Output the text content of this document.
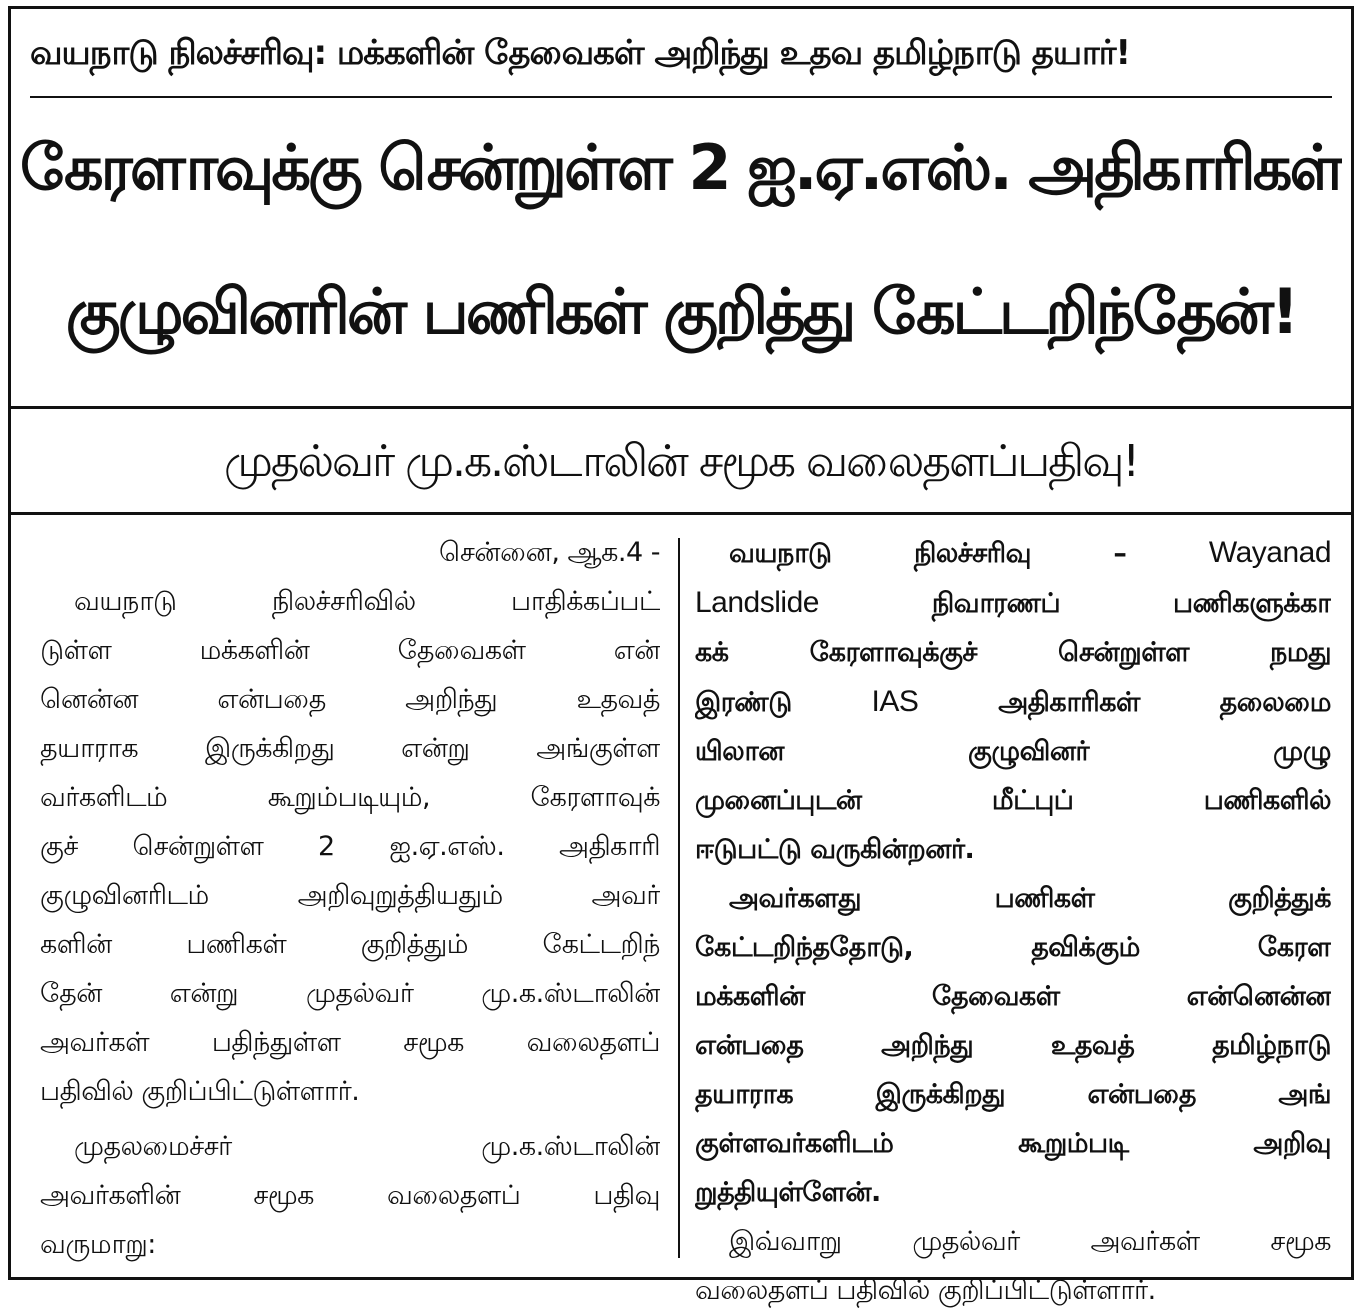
வயநாடு நிலச்சரிவு: மக்களின் தேவைகள் அறிந்து உதவ தமிழ்நாடு தயார்!
கேரளாவுக்கு சென்றுள்ள 2 ஐ.ஏ.எஸ். அதிகாரிகள்
குழுவினரின் பணிகள் குறித்து கேட்டறிந்தேன்!
முதல்வர் மு.க.ஸ்டாலின் சமூக வலைதளப்பதிவு!
சென்னை, ஆக.4 -
வயநாடு நிலச்சரிவில் பாதிக்கப்பட்
டுள்ள மக்களின் தேவைகள் என்
னென்ன என்பதை அறிந்து உதவத்
தயாராக இருக்கிறது என்று அங்குள்ள
வர்களிடம் கூறும்படியும், கேரளாவுக்
குச் சென்றுள்ள 2 ஐ.ஏ.எஸ். அதிகாரி
குழுவினரிடம் அறிவுறுத்தியதும் அவர்
களின் பணிகள் குறித்தும் கேட்டறிந்
தேன் என்று முதல்வர் மு.க.ஸ்டாலின்
அவர்கள் பதிந்துள்ள சமூக வலைதளப்
பதிவில் குறிப்பிட்டுள்ளார்.
முதலமைச்சர் மு.க.ஸ்டாலின்
அவர்களின் சமூக வலைதளப் பதிவு
வருமாறு:
வயநாடு நிலச்சரிவு –	Wayanad
Landslide	நிவாரணப் பணிகளுக்கா
கக் கேரளாவுக்குச் சென்றுள்ள நமது
இரண்டு	IAS	அதிகாரிகள் தலைமை
யிலான குழுவினர் முழு
முனைப்புடன் மீட்புப் பணிகளில்
ஈடுபட்டு வருகின்றனர்.
அவர்களது பணிகள் குறித்துக்
கேட்டறிந்ததோடு, தவிக்கும் கேரள
மக்களின் தேவைகள் என்னென்ன
என்பதை அறிந்து உதவத் தமிழ்நாடு
தயாராக இருக்கிறது என்பதை அங்
குள்ளவர்களிடம் கூறும்படி அறிவு
றுத்தியுள்ளேன்.
இவ்வாறு முதல்வர் அவர்கள் சமூக
வலைதளப் பதிவில் குறிப்பிட்டுள்ளார்.
